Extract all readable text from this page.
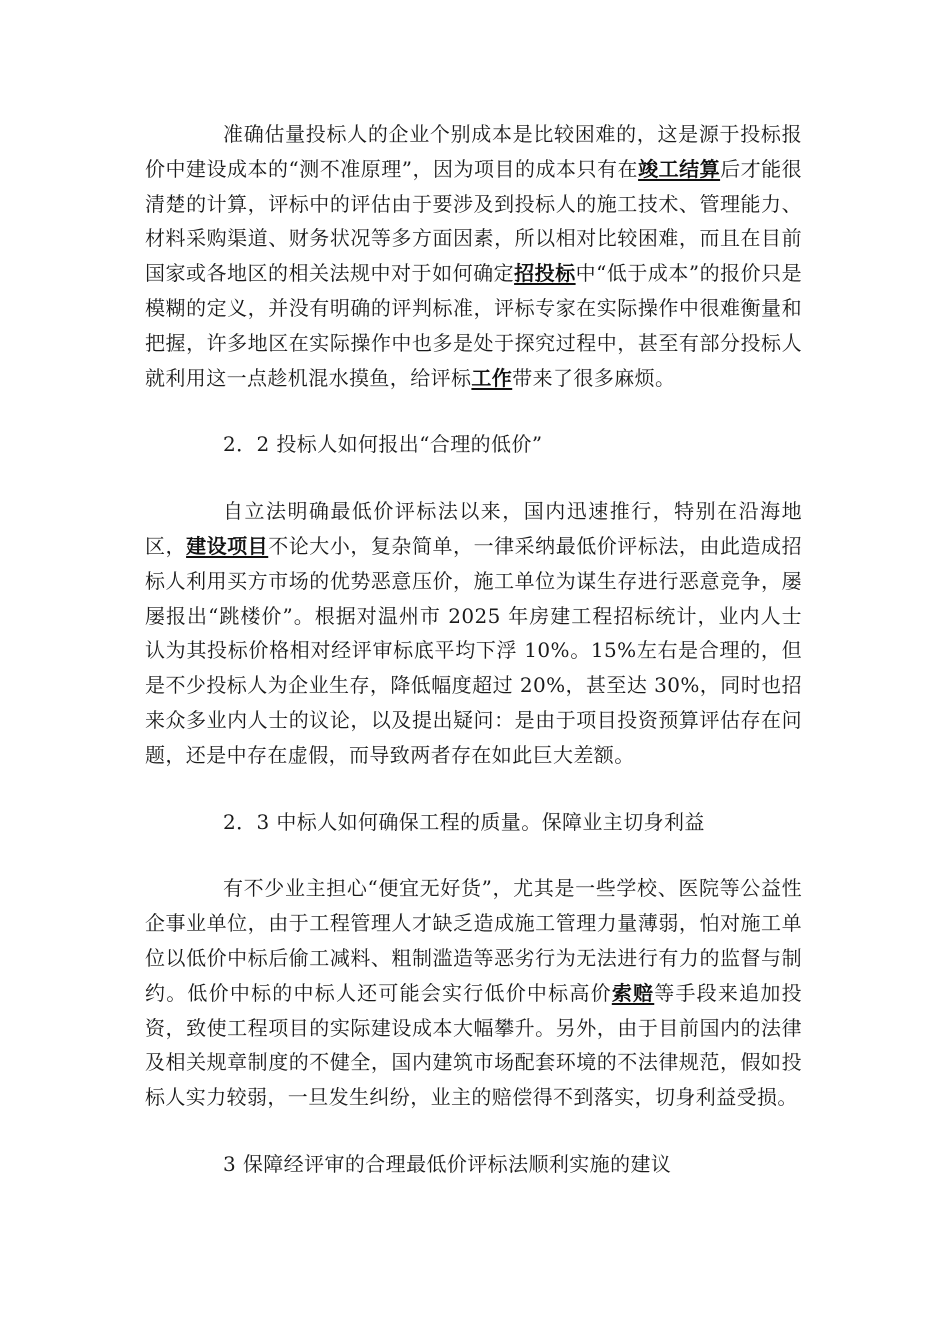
准确估量投标人的企业个别成本是比较困难的，这是源于投标报价中建设成本的“测不准原理”，因为项目的成本只有在竣工结算后才能很清楚的计算，评标中的评估由于要涉及到投标人的施工技术、管理能力、材料采购渠道、财务状况等多方面因素，所以相对比较困难，而且在目前国家或各地区的相关法规中对于如何确定招投标中“低于成本”的报价只是模糊的定义，并没有明确的评判标准，评标专家在实际操作中很难衡量和把握，许多地区在实际操作中也多是处于探究过程中，甚至有部分投标人就利用这一点趁机混水摸鱼，给评标工作带来了很多麻烦。

2．2 投标人如何报出“合理的低价”

自立法明确最低价评标法以来，国内迅速推行，特别在沿海地区，建设项目不论大小，复杂简单，一律采纳最低价评标法，由此造成招标人利用买方市场的优势恶意压价，施工单位为谋生存进行恶意竞争，屡屡报出“跳楼价”。根据对温州市 2025 年房建工程招标统计，业内人士认为其投标价格相对经评审标底平均下浮 10%。15%左右是合理的，但是不少投标人为企业生存，降低幅度超过 20%，甚至达 30%，同时也招来众多业内人士的议论，以及提出疑问：是由于项目投资预算评估存在问题，还是中存在虚假，而导致两者存在如此巨大差额。

2．3 中标人如何确保工程的质量。保障业主切身利益

有不少业主担心“便宜无好货”，尤其是一些学校、医院等公益性企事业单位，由于工程管理人才缺乏造成施工管理力量薄弱，怕对施工单位以低价中标后偷工减料、粗制滥造等恶劣行为无法进行有力的监督与制约。低价中标的中标人还可能会实行低价中标高价索赔等手段来追加投资，致使工程项目的实际建设成本大幅攀升。另外，由于目前国内的法律及相关规章制度的不健全，国内建筑市场配套环境的不法律规范，假如投标人实力较弱，一旦发生纠纷，业主的赔偿得不到落实，切身利益受损。

3 保障经评审的合理最低价评标法顺利实施的建议
